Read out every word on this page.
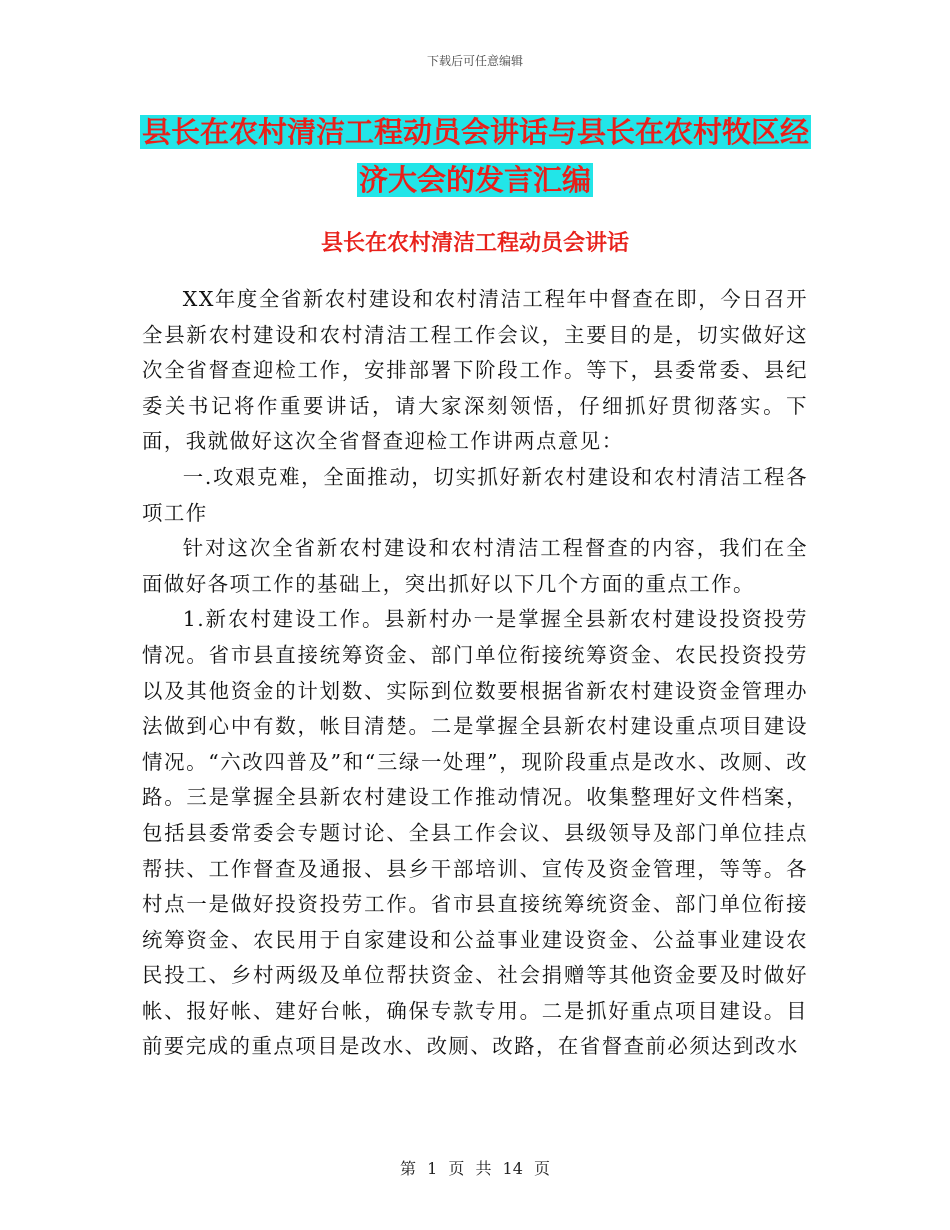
下载后可任意编辑
县长在农村清洁工程动员会讲话与县长在农村牧区经济大会的发言汇编
县长在农村清洁工程动员会讲话

XX年度全省新农村建设和农村清洁工程年中督查在即，今日召开全县新农村建设和农村清洁工程工作会议，主要目的是，切实做好这次全省督查迎检工作，安排部署下阶段工作。等下，县委常委、县纪委关书记将作重要讲话，请大家深刻领悟，仔细抓好贯彻落实。下面，我就做好这次全省督查迎检工作讲两点意见：

一.攻艰克难，全面推动，切实抓好新农村建设和农村清洁工程各项工作

针对这次全省新农村建设和农村清洁工程督查的内容，我们在全面做好各项工作的基础上，突出抓好以下几个方面的重点工作。

1.新农村建设工作。县新村办一是掌握全县新农村建设投资投劳情况。省市县直接统筹资金、部门单位衔接统筹资金、农民投资投劳以及其他资金的计划数、实际到位数要根据省新农村建设资金管理办法做到心中有数，帐目清楚。二是掌握全县新农村建设重点项目建设情况。“六改四普及”和“三绿一处理”，现阶段重点是改水、改厕、改路。三是掌握全县新农村建设工作推动情况。收集整理好文件档案，包括县委常委会专题讨论、全县工作会议、县级领导及部门单位挂点帮扶、工作督查及通报、县乡干部培训、宣传及资金管理，等等。各村点一是做好投资投劳工作。省市县直接统筹统资金、部门单位衔接统筹资金、农民用于自家建设和公益事业建设资金、公益事业建设农民投工、乡村两级及单位帮扶资金、社会捐赠等其他资金要及时做好帐、报好帐、建好台帐，确保专款专用。二是抓好重点项目建设。目前要完成的重点项目是改水、改厕、改路，在省督查前必须达到改水

第 1 页 共 14 页
